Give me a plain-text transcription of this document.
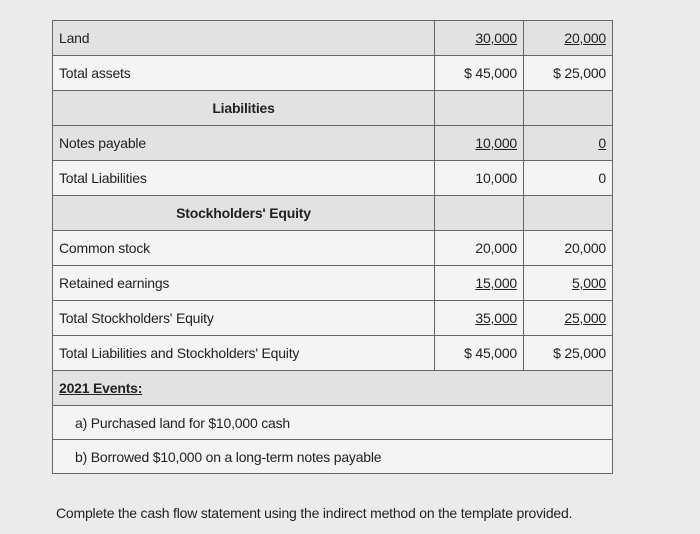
Land	30,000	20,000
Total assets	$ 45,000	$ 25,000
Liabilities		
Notes payable	10,000	0
Total Liabilities	10,000	0
Stockholders' Equity		
Common stock	20,000	20,000
Retained earnings	15,000	5,000
Total Stockholders' Equity	35,000	25,000
Total Liabilities and Stockholders' Equity	$ 45,000	$ 25,000
2021 Events:		
a) Purchased land for $10,000 cash		
b) Borrowed $10,000 on a long-term notes payable		
Complete the cash flow statement using the indirect method on the template provided.
